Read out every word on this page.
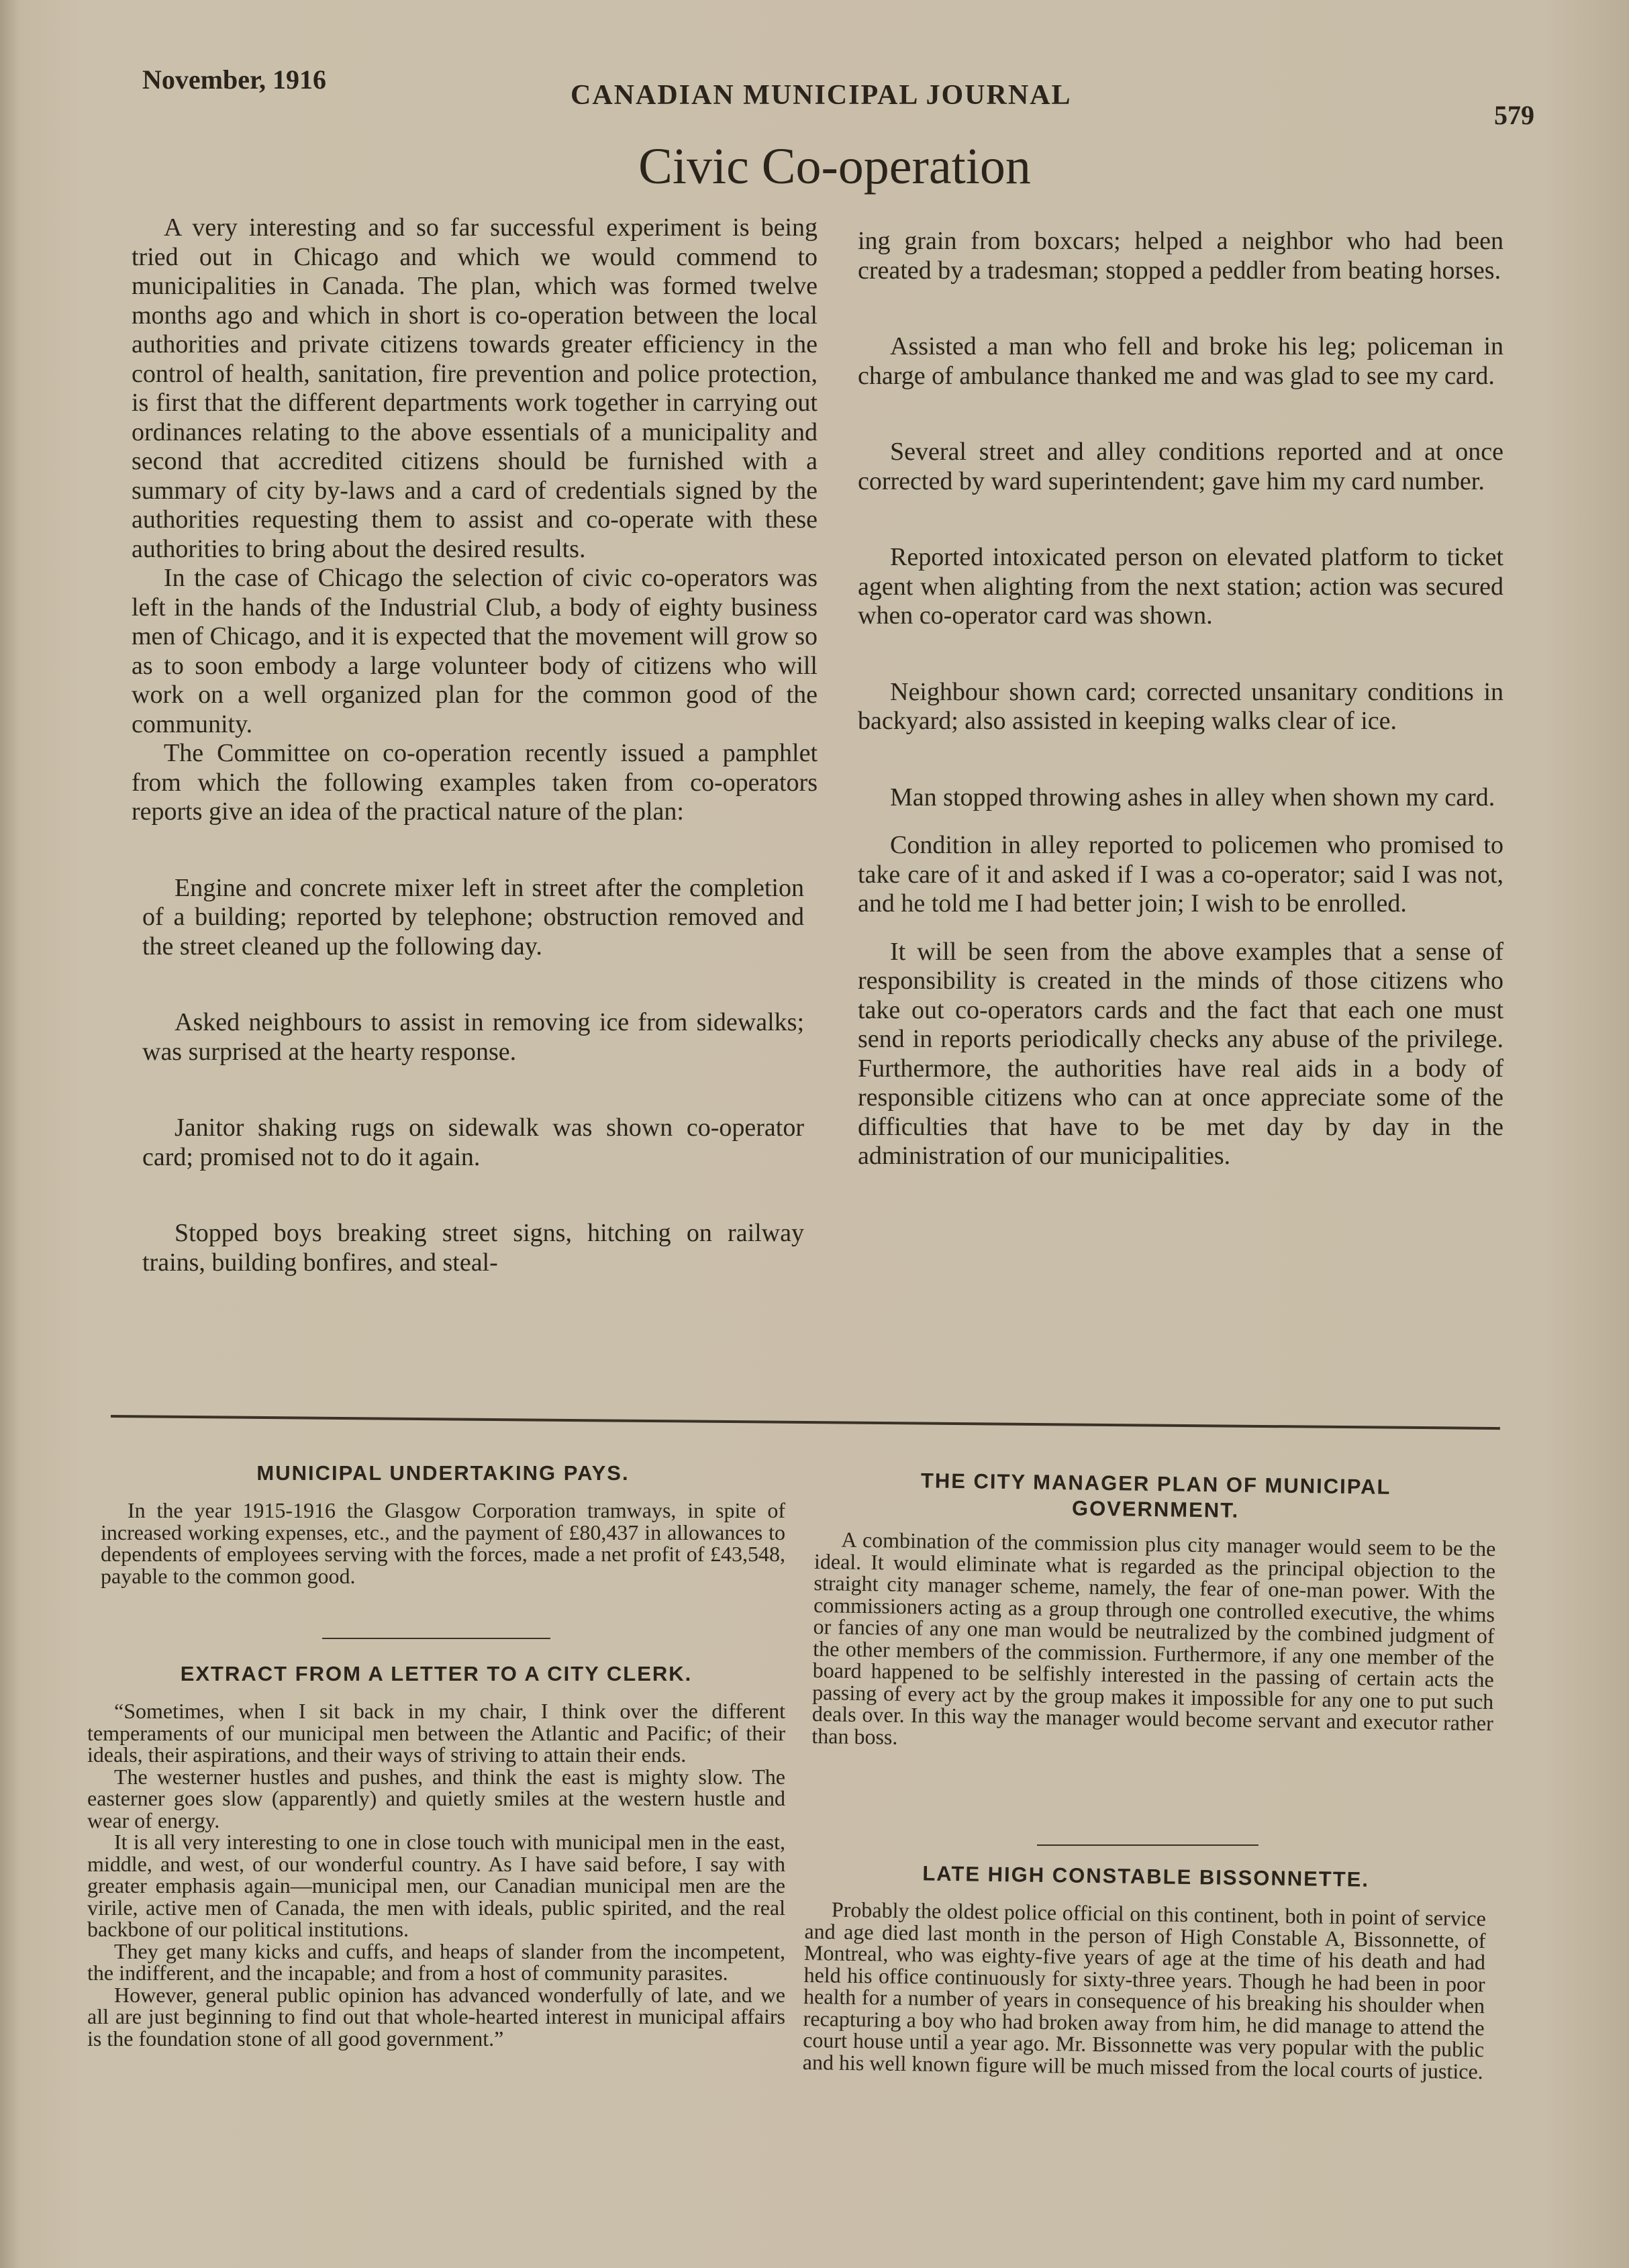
November, 1916
CANADIAN MUNICIPAL JOURNAL
579
Civic Co-operation

A very interesting and so far successful experiment is being tried out in Chicago and which we would commend to municipalities in Canada. The plan, which was formed twelve months ago and which in short is co-operation between the local authorities and private citizens towards greater efficiency in the control of health, sanitation, fire prevention and police protection, is first that the different departments work together in carrying out ordinances relating to the above essentials of a municipality and second that accredited citizens should be furnished with a summary of city by-laws and a card of credentials signed by the authorities requesting them to assist and co-operate with these authorities to bring about the desired results.

In the case of Chicago the selection of civic co-operators was left in the hands of the Industrial Club, a body of eighty business men of Chicago, and it is expected that the movement will grow so as to soon embody a large volunteer body of citizens who will work on a well organized plan for the common good of the community.

The Committee on co-operation recently issued a pamphlet from which the following examples taken from co-operators reports give an idea of the practical nature of the plan:

Engine and concrete mixer left in street after the completion of a building; reported by telephone; obstruction removed and the street cleaned up the following day.

Asked neighbours to assist in removing ice from sidewalks; was surprised at the hearty response.

Janitor shaking rugs on sidewalk was shown co-operator card; promised not to do it again.

Stopped boys breaking street signs, hitching on railway trains, building bonfires, and steal-

ing grain from boxcars; helped a neighbor who had been created by a tradesman; stopped a peddler from beating horses.

Assisted a man who fell and broke his leg; policeman in charge of ambulance thanked me and was glad to see my card.

Several street and alley conditions reported and at once corrected by ward superintendent; gave him my card number.

Reported intoxicated person on elevated platform to ticket agent when alighting from the next station; action was secured when co-operator card was shown.

Neighbour shown card; corrected unsanitary conditions in backyard; also assisted in keeping walks clear of ice.

Man stopped throwing ashes in alley when shown my card.

Condition in alley reported to policemen who promised to take care of it and asked if I was a co-operator; said I was not, and he told me I had better join; I wish to be enrolled.

It will be seen from the above examples that a sense of responsibility is created in the minds of those citizens who take out co-operators cards and the fact that each one must send in reports periodically checks any abuse of the privilege. Furthermore, the authorities have real aids in a body of responsible citizens who can at once appreciate some of the difficulties that have to be met day by day in the administration of our municipalities.

MUNICIPAL UNDERTAKING PAYS.

In the year 1915-1916 the Glasgow Corporation tramways, in spite of increased working expenses, etc., and the payment of £80,437 in allowances to dependents of employees serving with the forces, made a net profit of £43,548, payable to the common good.

EXTRACT FROM A LETTER TO A CITY CLERK.

“Sometimes, when I sit back in my chair, I think over the different temperaments of our municipal men between the Atlantic and Pacific; of their ideals, their aspirations, and their ways of striving to attain their ends.

The westerner hustles and pushes, and think the east is mighty slow. The easterner goes slow (apparently) and quietly smiles at the western hustle and wear of energy.

It is all very interesting to one in close touch with municipal men in the east, middle, and west, of our wonderful country. As I have said before, I say with greater emphasis again—municipal men, our Canadian municipal men are the virile, active men of Canada, the men with ideals, public spirited, and the real backbone of our political institutions.

They get many kicks and cuffs, and heaps of slander from the incompetent, the indifferent, and the incapable; and from a host of community parasites.

However, general public opinion has advanced wonderfully of late, and we all are just beginning to find out that whole-hearted interest in municipal affairs is the foundation stone of all good government.”

THE CITY MANAGER PLAN OF MUNICIPAL GOVERNMENT.

A combination of the commission plus city manager would seem to be the ideal. It would eliminate what is regarded as the principal objection to the straight city manager scheme, namely, the fear of one-man power. With the commissioners acting as a group through one controlled executive, the whims or fancies of any one man would be neutralized by the combined judgment of the other members of the commission. Furthermore, if any one member of the board happened to be selfishly interested in the passing of certain acts the passing of every act by the group makes it impossible for any one to put such deals over. In this way the manager would become servant and executor rather than boss.

LATE HIGH CONSTABLE BISSONNETTE.

Probably the oldest police official on this continent, both in point of service and age died last month in the person of High Constable A, Bissonnette, of Montreal, who was eighty-five years of age at the time of his death and had held his office continuously for sixty-three years. Though he had been in poor health for a number of years in consequence of his breaking his shoulder when recapturing a boy who had broken away from him, he did manage to attend the court house until a year ago. Mr. Bissonnette was very popular with the public and his well known figure will be much missed from the local courts of justice.
